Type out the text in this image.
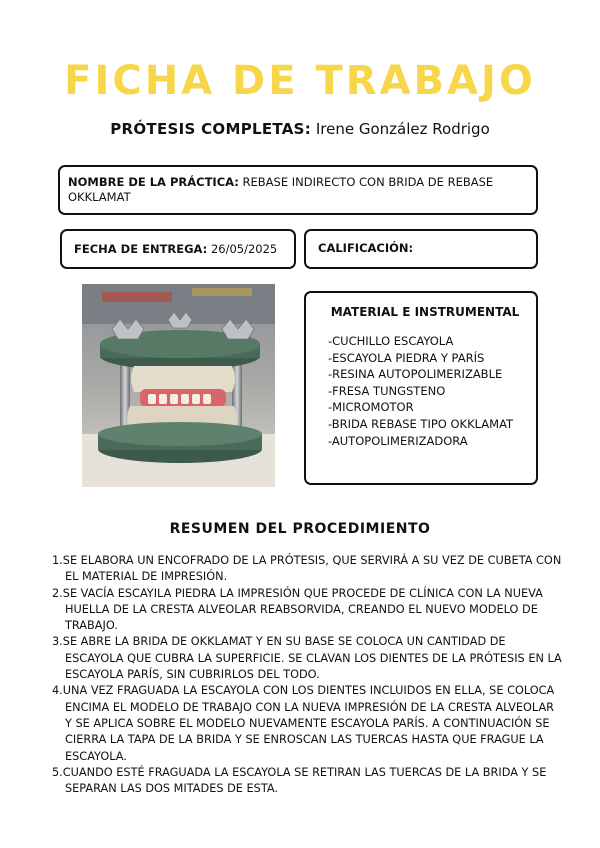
FICHA DE TRABAJO
PRÓTESIS COMPLETAS: Irene González Rodrigo
NOMBRE DE LA PRÁCTICA: REBASE INDIRECTO CON BRIDA DE REBASE OKKLAMAT
FECHA DE ENTREGA: 26/05/2025	CALIFICACIÓN:
MATERIAL E INSTRUMENTAL
-CUCHILLO ESCAYOLA
-ESCAYOLA PIEDRA Y PARÍS
-RESINA AUTOPOLIMERIZABLE
-FRESA TUNGSTENO
-MICROMOTOR
-BRIDA REBASE TIPO OKKLAMAT
-AUTOPOLIMERIZADORA
RESUMEN DEL PROCEDIMIENTO
1.SE ELABORA UN ENCOFRADO DE LA PRÓTESIS, QUE SERVIRÁ A SU VEZ DE CUBETA CON EL MATERIAL DE IMPRESIÓN.
2.SE VACÍA ESCAYILA PIEDRA LA IMPRESIÓN QUE PROCEDE DE CLÍNICA CON LA NUEVA HUELLA DE LA CRESTA ALVEOLAR REABSORVIDA, CREANDO EL NUEVO MODELO DE TRABAJO.
3.SE ABRE LA BRIDA DE OKKLAMAT Y EN SU BASE SE COLOCA UN CANTIDAD DE ESCAYOLA QUE CUBRA LA SUPERFICIE. SE CLAVAN LOS DIENTES DE LA PRÓTESIS EN LA ESCAYOLA PARÍS, SIN CUBRIRLOS DEL TODO.
4.UNA VEZ FRAGUADA LA ESCAYOLA CON LOS DIENTES INCLUIDOS EN ELLA, SE COLOCA ENCIMA EL MODELO DE TRABAJO CON LA NUEVA IMPRESIÓN DE LA CRESTA ALVEOLAR Y SE APLICA SOBRE EL MODELO NUEVAMENTE ESCAYOLA PARÍS. A CONTINUACIÓN SE CIERRA LA TAPA DE LA BRIDA Y SE ENROSCAN LAS TUERCAS HASTA QUE FRAGUE LA ESCAYOLA.
5.CUANDO ESTÉ FRAGUADA LA ESCAYOLA SE RETIRAN LAS TUERCAS DE LA BRIDA Y SE SEPARAN LAS DOS MITADES DE ESTA.
